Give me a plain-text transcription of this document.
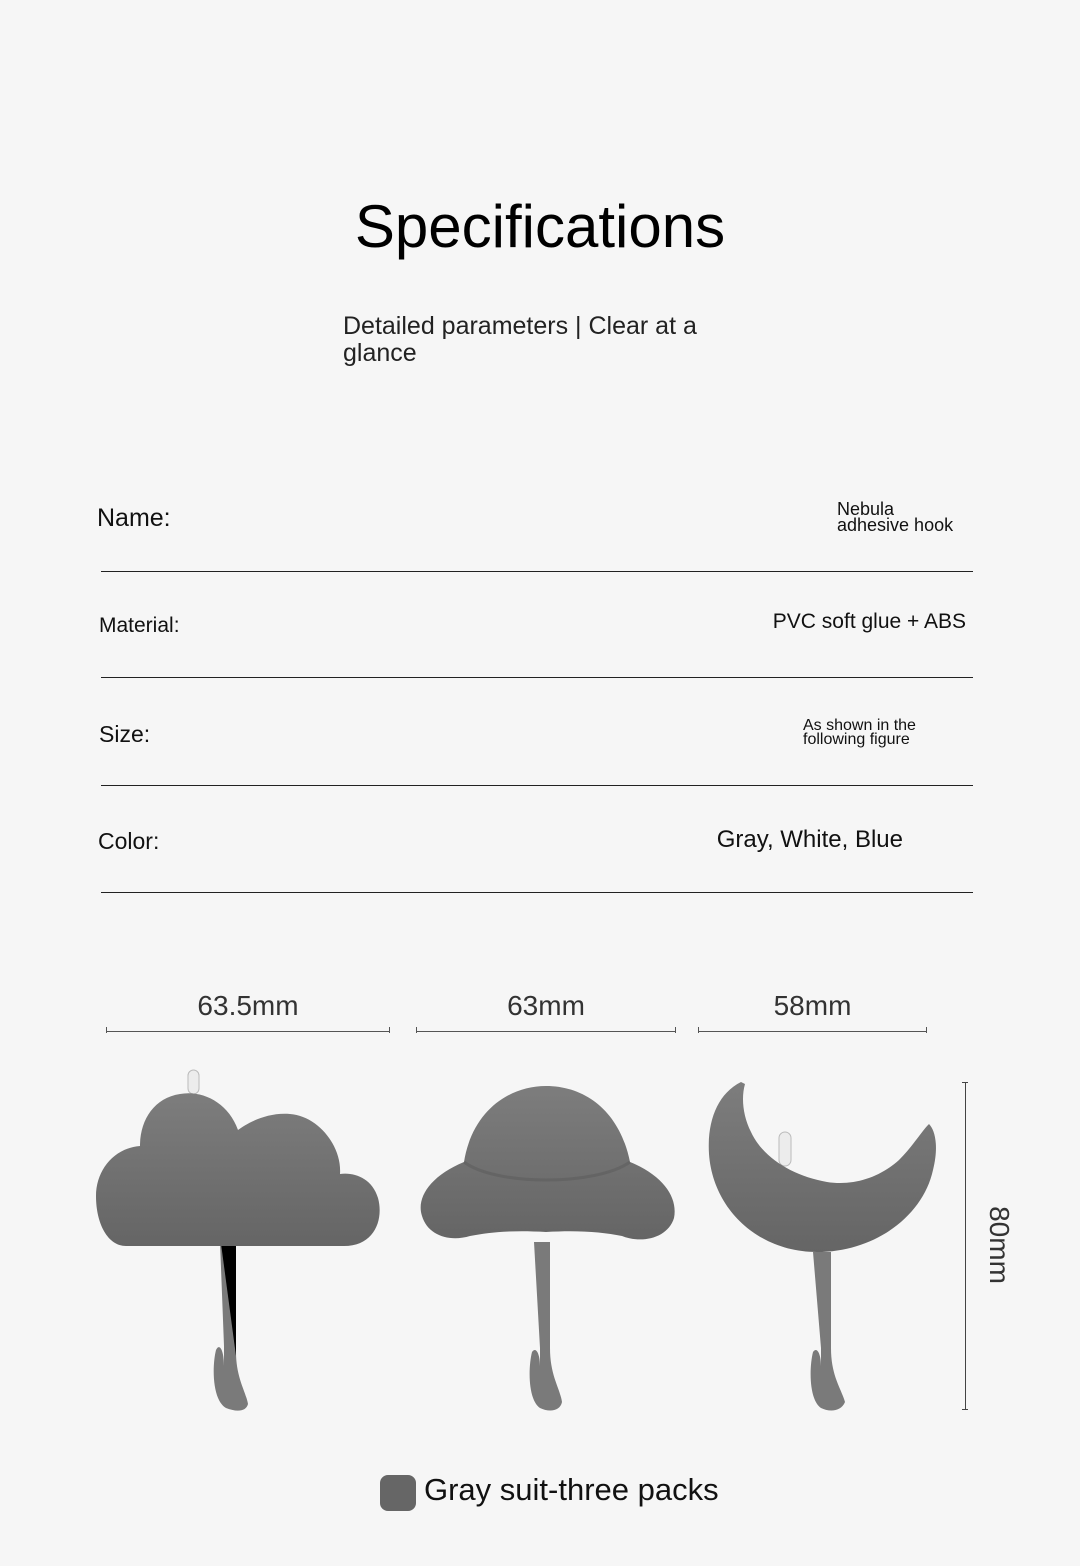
Specifications
Detailed parameters | Clear at a glance
Name:	Nebula adhesive hook
Material:	PVC soft glue + ABS
Size:	As shown in the following figure
Color:	Gray, White, Blue
63.5mm	63mm	58mm
80mm
Gray suit-three packs
